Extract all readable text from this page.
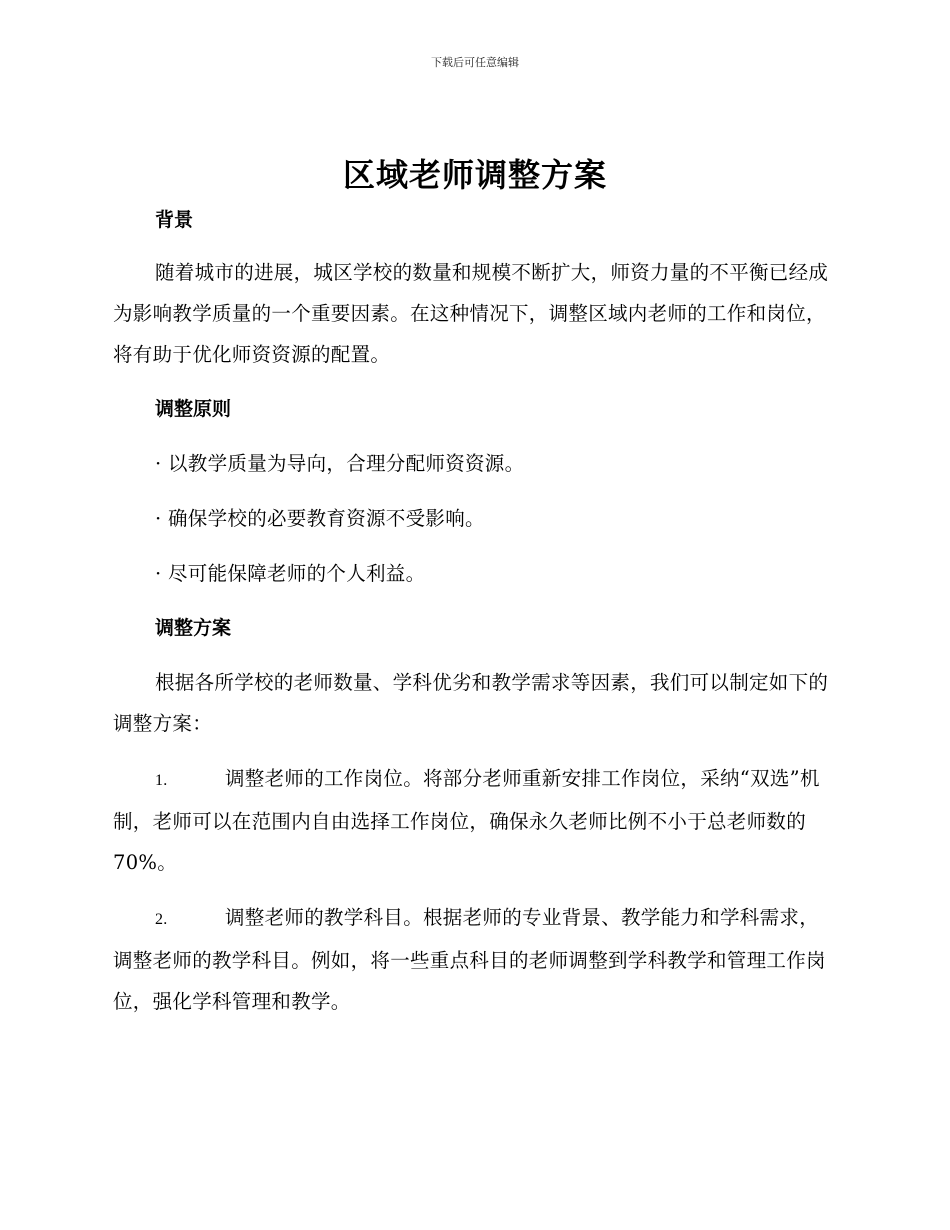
下载后可任意编辑
区域老师调整方案
背景

随着城市的进展，城区学校的数量和规模不断扩大，师资力量的不平衡已经成为影响教学质量的一个重要因素。在这种情况下，调整区域内老师的工作和岗位，将有助于优化师资资源的配置。

调整原则
· 以教学质量为导向，合理分配师资资源。
· 确保学校的必要教育资源不受影响。
· 尽可能保障老师的个人利益。
调整方案

根据各所学校的老师数量、学科优劣和教学需求等因素，我们可以制定如下的调整方案：

1.	调整老师的工作岗位。将部分老师重新安排工作岗位，采纳“双选”机制，老师可以在范围内自由选择工作岗位，确保永久老师比例不小于总老师数的 70%。

2.	调整老师的教学科目。根据老师的专业背景、教学能力和学科需求，调整老师的教学科目。例如，将一些重点科目的老师调整到学科教学和管理工作岗位，强化学科管理和教学。
